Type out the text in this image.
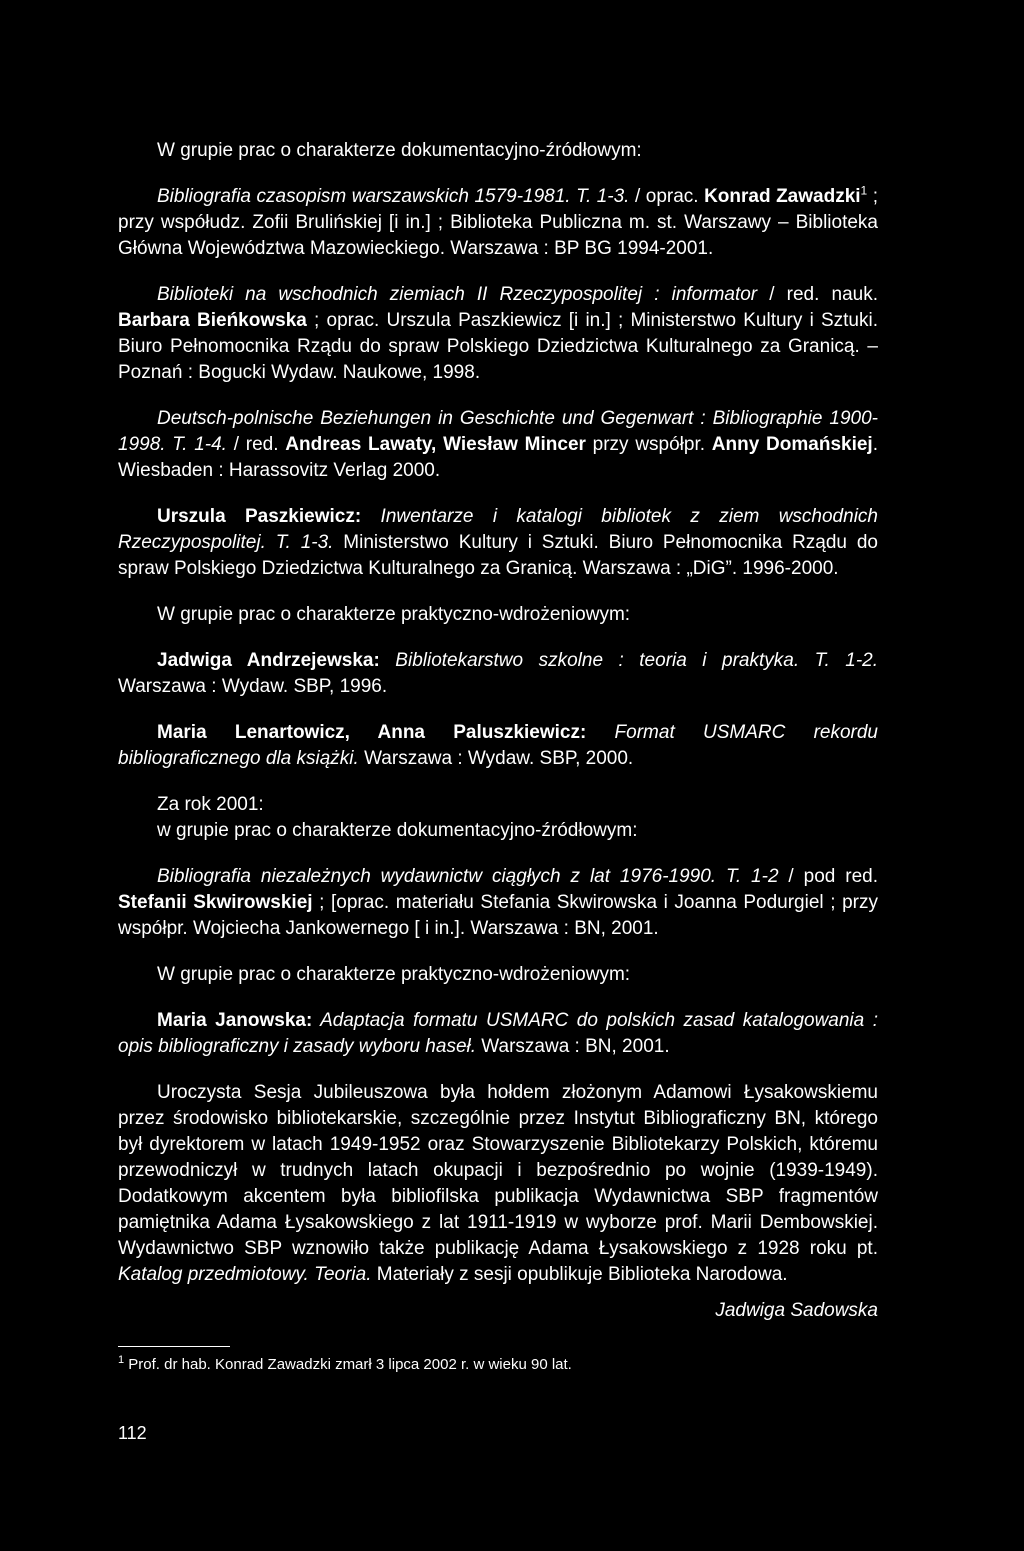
W grupie prac o charakterze dokumentacyjno-źródłowym:

Bibliografia czasopism warszawskich 1579-1981. T. 1-3. / oprac. Konrad Zawadzki$^1$ ; przy współudz. Zofii Brulińskiej [i in.] ; Biblioteka Publiczna m. st. Warszawy – Biblioteka Główna Województwa Mazowieckiego. Warszawa : BP BG 1994-2001.

Biblioteki na wschodnich ziemiach II Rzeczypospolitej : informator / red. nauk. Barbara Bieńkowska ; oprac. Urszula Paszkiewicz [i in.] ; Ministerstwo Kultury i Sztuki. Biuro Pełnomocnika Rządu do spraw Polskiego Dziedzictwa Kulturalnego za Granicą. – Poznań : Bogucki Wydaw. Naukowe, 1998.

Deutsch-polnische Beziehungen in Geschichte und Gegenwart : Bibliographie 1900-1998. T. 1-4. / red. Andreas Lawaty, Wiesław Mincer przy współpr. Anny Domańskiej. Wiesbaden : Harassovitz Verlag 2000.

Urszula Paszkiewicz: Inwentarze i katalogi bibliotek z ziem wschodnich Rzeczypospolitej. T. 1-3. Ministerstwo Kultury i Sztuki. Biuro Pełnomocnika Rządu do spraw Polskiego Dziedzictwa Kulturalnego za Granicą. Warszawa : „DiG”. 1996-2000.

W grupie prac o charakterze praktyczno-wdrożeniowym:

Jadwiga Andrzejewska: Bibliotekarstwo szkolne : teoria i praktyka. T. 1-2. Warszawa : Wydaw. SBP, 1996.

Maria Lenartowicz, Anna Paluszkiewicz: Format USMARC rekordu bibliograficznego dla książki. Warszawa : Wydaw. SBP, 2000.

Za rok 2001:

w grupie prac o charakterze dokumentacyjno-źródłowym:

Bibliografia niezależnych wydawnictw ciągłych z lat 1976-1990. T. 1-2 / pod red. Stefanii Skwirowskiej ; [oprac. materiału Stefania Skwirowska i Joanna Podurgiel ; przy współpr. Wojciecha Jankowernego [ i in.]. Warszawa : BN, 2001.

W grupie prac o charakterze praktyczno-wdrożeniowym:

Maria Janowska: Adaptacja formatu USMARC do polskich zasad katalogowania : opis bibliograficzny i zasady wyboru haseł. Warszawa : BN, 2001.

Uroczysta Sesja Jubileuszowa była hołdem złożonym Adamowi Łysakowskiemu przez środowisko bibliotekarskie, szczególnie przez Instytut Bibliograficzny BN, którego był dyrektorem w latach 1949-1952 oraz Stowarzyszenie Bibliotekarzy Polskich, któremu przewodniczył w trudnych latach okupacji i bezpośrednio po wojnie (1939-1949). Dodatkowym akcentem była bibliofilska publikacja Wydawnictwa SBP fragmentów pamiętnika Adama Łysakowskiego z lat 1911-1919 w wyborze prof. Marii Dembowskiej. Wydawnictwo SBP wznowiło także publikację Adama Łysakowskiego z 1928 roku pt. Katalog przedmiotowy. Teoria. Materiały z sesji opublikuje Biblioteka Narodowa.

Jadwiga Sadowska

$^1$ Prof. dr hab. Konrad Zawadzki zmarł 3 lipca 2002 r. w wieku 90 lat.

112
